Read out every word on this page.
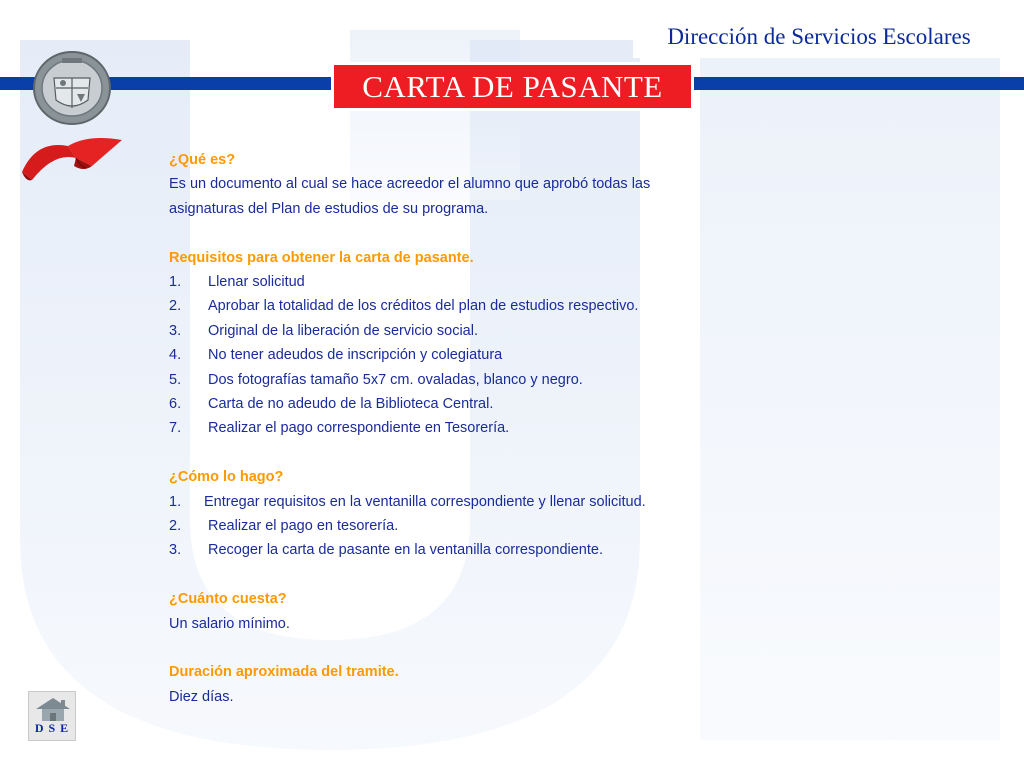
Dirección de Servicios Escolares
CARTA DE PASANTE

¿Qué es?

Es un documento al cual se hace acreedor el alumno que aprobó todas las

asignaturas del Plan de estudios de su programa.

Requisitos para obtener la carta de pasante.

1.	Llenar solicitud
2.	Aprobar la totalidad de los créditos del plan de estudios respectivo.
3.	Original de la liberación de servicio social.
4.	No tener adeudos de inscripción y colegiatura
5.	Dos fotografías tamaño 5x7 cm. ovaladas, blanco y negro.
6.	Carta de no adeudo de la Biblioteca Central.
7.	Realizar el pago correspondiente en Tesorería.

¿Cómo lo hago?

1.	Entregar requisitos en la ventanilla correspondiente y llenar solicitud.
2.	Realizar el pago en tesorería.
3.	Recoger la carta de pasante en la ventanilla correspondiente.

¿Cuánto cuesta?

Un salario mínimo.

Duración aproximada del tramite.

Diez días.

D S E
